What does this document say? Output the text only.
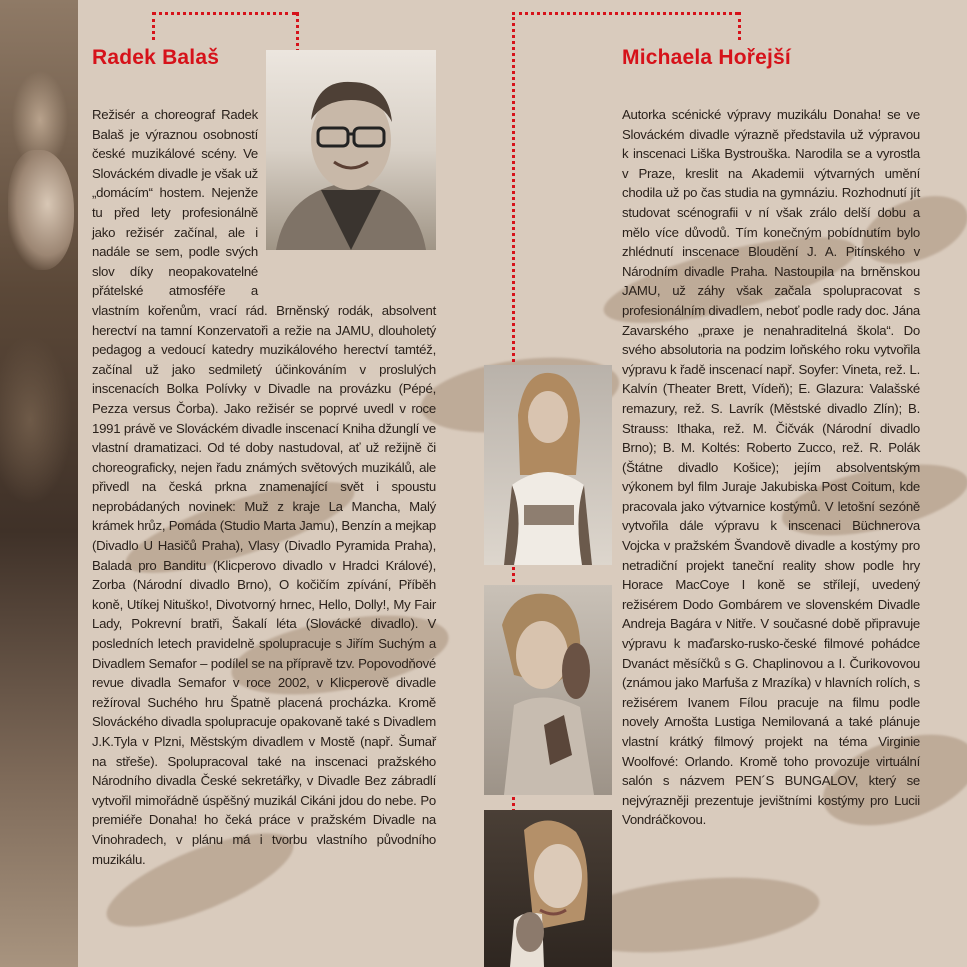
Radek Balaš	Michaela Hořejší
Režisér a choreograf Radek Balaš je výraznou osobností české muzikálové scény. Ve Slováckém divadle je však už „domácím“ hostem. Nejenže tu před lety profesionálně jako režisér začínal, ale i nadále se sem, podle svých slov díky neopakovatelné přátelské atmosféře a vlastním kořenům, vrací rád. Brněnský rodák, absolvent herectví na tamní Konzervatoři a režie na JAMU, dlouholetý pedagog a vedoucí katedry muzikálového herectví tamtéž, začínal už jako sedmiletý účinkováním v proslulých inscenacích Bolka Polívky v Divadle na provázku (Pépé, Pezza versus Čorba). Jako režisér se poprvé uvedl v roce 1991 právě ve Slováckém divadle inscenací Kniha džunglí ve vlastní dramatizaci. Od té doby nastudoval, ať už režijně či choreograficky, nejen řadu známých světových muzikálů, ale přivedl na česká prkna znamenající svět i spoustu neprobádaných novinek: Muž z kraje La Mancha, Malý krámek hrůz, Pomáda (Studio Marta Jamu), Benzín a mejkap (Divadlo U Hasičů Praha), Vlasy (Divadlo Pyramida Praha), Balada pro Banditu (Klicperovo divadlo v Hradci Králové), Zorba (Národní divadlo Brno), O kočičím zpívání, Příběh koně, Utíkej Nituško!, Divotvorný hrnec, Hello, Dolly!, My Fair Lady, Pokrevní bratři, Šakalí léta (Slovácké divadlo). V posledních letech pravidelně spolupracuje s Jiřím Suchým a Divadlem Semafor – podílel se na přípravě tzv. Popovodňové revue divadla Semafor v roce 2002, v Klicperově divadle režíroval Suchého hru Špatně placená procházka. Kromě Slováckého divadla spolupracuje opakovaně také s Divadlem J.K.Tyla v Plzni, Městským divadlem v Mostě (např. Šumař na střeše). Spolupracoval také na inscenaci pražského Národního divadla České sekretářky, v Divadle Bez zábradlí vytvořil mimořádně úspěšný muzikál Cikáni jdou do nebe. Po premiéře Donaha! ho čeká práce v pražském Divadle na Vinohradech, v plánu má i tvorbu vlastního původního muzikálu.
Autorka scénické výpravy muzikálu Donaha! se ve Slováckém divadle výrazně představila už výpravou k inscenaci Liška Bystrouška. Narodila se a vyrostla v Praze, kreslit na Akademii výtvarných umění chodila už po čas studia na gymnáziu. Rozhodnutí jít studovat scénografii v ní však zrálo delší dobu a mělo více důvodů. Tím konečným pobídnutím bylo zhlédnutí inscenace Bloudění J. A. Pitínského v Národním divadle Praha. Nastoupila na brněnskou JAMU, už záhy však začala spolupracovat s profesionálním divadlem, neboť podle rady doc. Jána Zavarského „praxe je nenahraditelná škola“. Do svého absolutoria na podzim loňského roku vytvořila výpravu k řadě inscenací např. Soyfer: Vineta, rež. L. Kalvín (Theater Brett, Vídeň); E. Glazura: Valašské remazury, rež. S. Lavrík (Městské divadlo Zlín); B. Strauss: Ithaka, rež. M. Čičvák (Národní divadlo Brno); B. M. Koltés: Roberto Zucco, rež. R. Polák (Štátne divadlo Košice); jejím absolventským výkonem byl film Juraje Jakubiska Post Coitum, kde pracovala jako výtvarnice kostýmů. V letošní sezóně vytvořila dále výpravu k inscenaci Büchnerova Vojcka v pražském Švandově divadle a kostýmy pro netradiční projekt taneční reality show podle hry Horace MacCoye I koně se střílejí, uvedený režisérem Dodo Gombárem ve slovenském Divadle Andreja Bagára v Nitře. V současné době připravuje výpravu k maďarsko-rusko-české filmové pohádce Dvanáct měsíčků s G. Chaplinovou a I. Čurikovovou (známou jako Marfuša z Mrazíka) v hlavních rolích, s režisérem Ivanem Fílou pracuje na filmu podle novely Arnošta Lustiga Nemilovaná a také plánuje vlastní krátký filmový projekt na téma Virginie Woolfové: Orlando. Kromě toho provozuje virtuální salón s názvem PEN´S BUNGALOV, který se nejvýrazněji prezentuje jevištními kostýmy pro Lucii Vondráčkovou.
